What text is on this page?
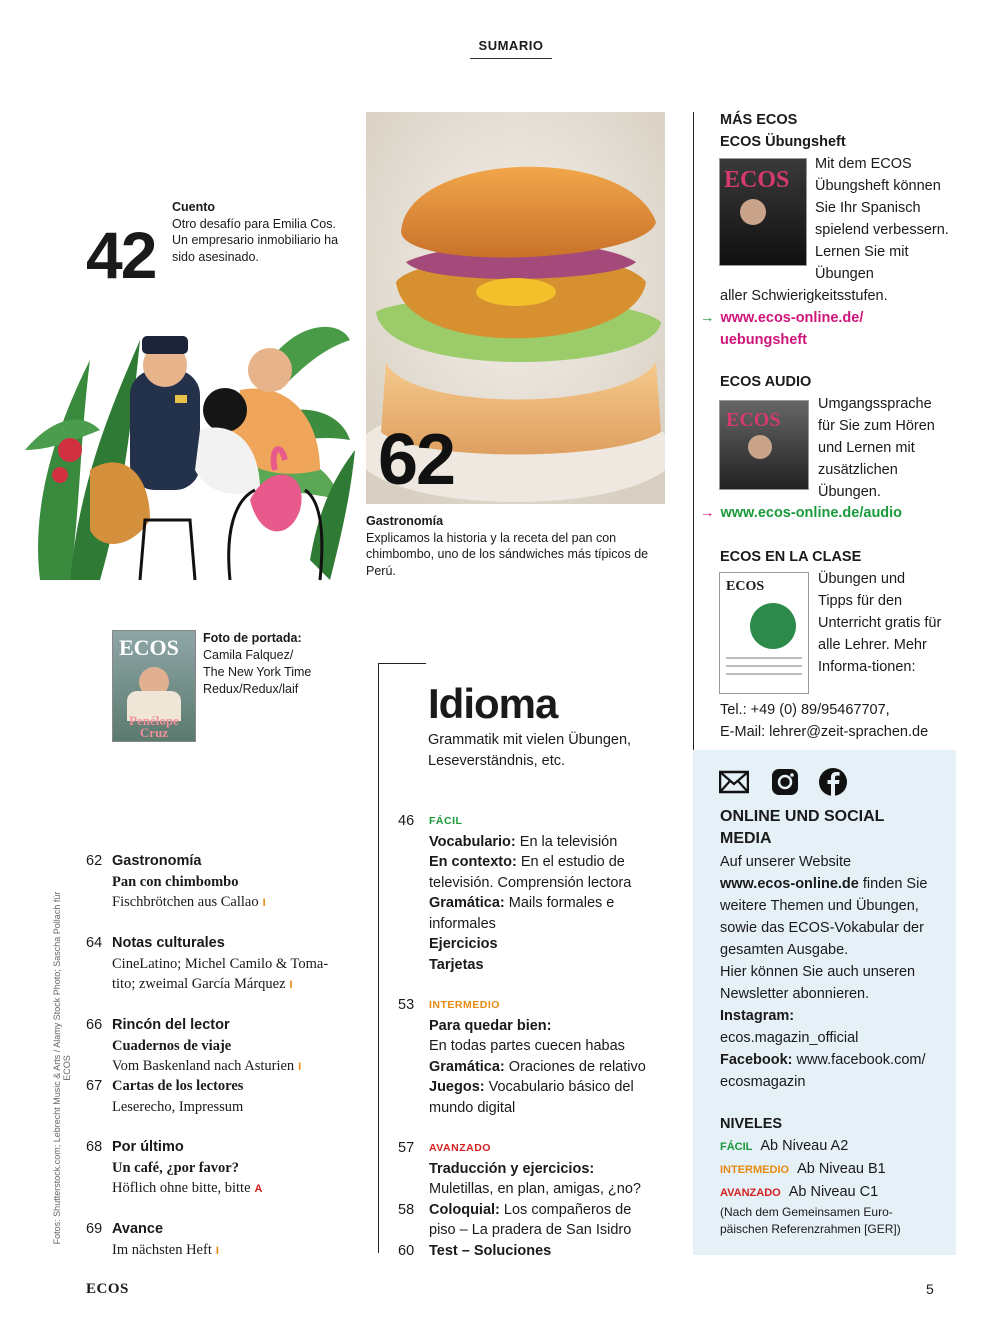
SUMARIO
42
Cuento
Otro desafío para Emilia Cos. Un empresario inmobiliario ha sido asesinado.
62
Gastronomía
Explicamos la historia y la receta del pan con chimbombo, uno de los sándwiches más típicos de Perú.
ECOS
Penélope Cruz
Foto de portada:
Camila Falquez/
The New York Time
Redux/Redux/laif
62 Gastronomía
Pan con chimbombo
Fischbrötchen aus Callao I
64 Notas culturales
CineLatino; Michel Camilo & Toma-
tito; zweimal García Márquez I
66 Rincón del lector
Cuadernos de viaje
Vom Baskenland nach Asturien I
67 Cartas de los lectores
Leserecho, Impressum
68 Por último
Un café, ¿por favor?
Höflich ohne bitte, bitte A
69 Avance
Im nächsten Heft I
Fotos: Shutterstock.com; Lebrecht Music & Arts / Alamy Stock Photo; Sascha Pollach für ECOS
Idioma
Grammatik mit vielen Übungen, Leseverständnis, etc.
46	FÁCIL
Vocabulario: En la televisión
En contexto: En el estudio de televisión. Comprensión lectora
Gramática: Mails formales e informales
Ejercicios
Tarjetas
53	INTERMEDIO
Para quedar bien:
En todas partes cuecen habas
Gramática: Oraciones de relativo
Juegos: Vocabulario básico del mundo digital
57	AVANZADO
Traducción y ejercicios:
Muletillas, en plan, amigas, ¿no?
58	Coloquial: Los compañeros de piso – La pradera de San Isidro
60	Test – Soluciones
MÁS ECOS
ECOS Übungsheft
ECOS
Mit dem ECOS Übungsheft können Sie Ihr Spanisch spielend verbessern. Lernen Sie mit Übungen
aller Schwierigkeitsstufen.
→ www.ecos-online.de/
uebungsheft
ECOS AUDIO
ECOS
Umgangssprache für Sie zum Hören und Lernen mit zusätzlichen Übungen.
→ www.ecos-online.de/audio
ECOS EN LA CLASE
ECOS	Übungen und Tipps für den Unterricht gratis für alle Lehrer. Mehr Informa-tionen:
Tel.: +49 (0) 89/95467707,
E-Mail: lehrer@zeit-sprachen.de
ONLINE UND SOCIAL MEDIA
Auf unserer Website
www.ecos-online.de finden Sie weitere Themen und Übungen, sowie das ECOS-Vokabular der gesamten Ausgabe.
Hier können Sie auch unseren Newsletter abonnieren.
Instagram:
ecos.magazin_official
Facebook: www.facebook.com/ ecosmagazin
NIVELES
FÁCIL Ab Niveau A2
INTERMEDIO Ab Niveau B1
AVANZADO Ab Niveau C1
(Nach dem Gemeinsamen Euro-päischen Referenzrahmen [GER])
ECOS	5
